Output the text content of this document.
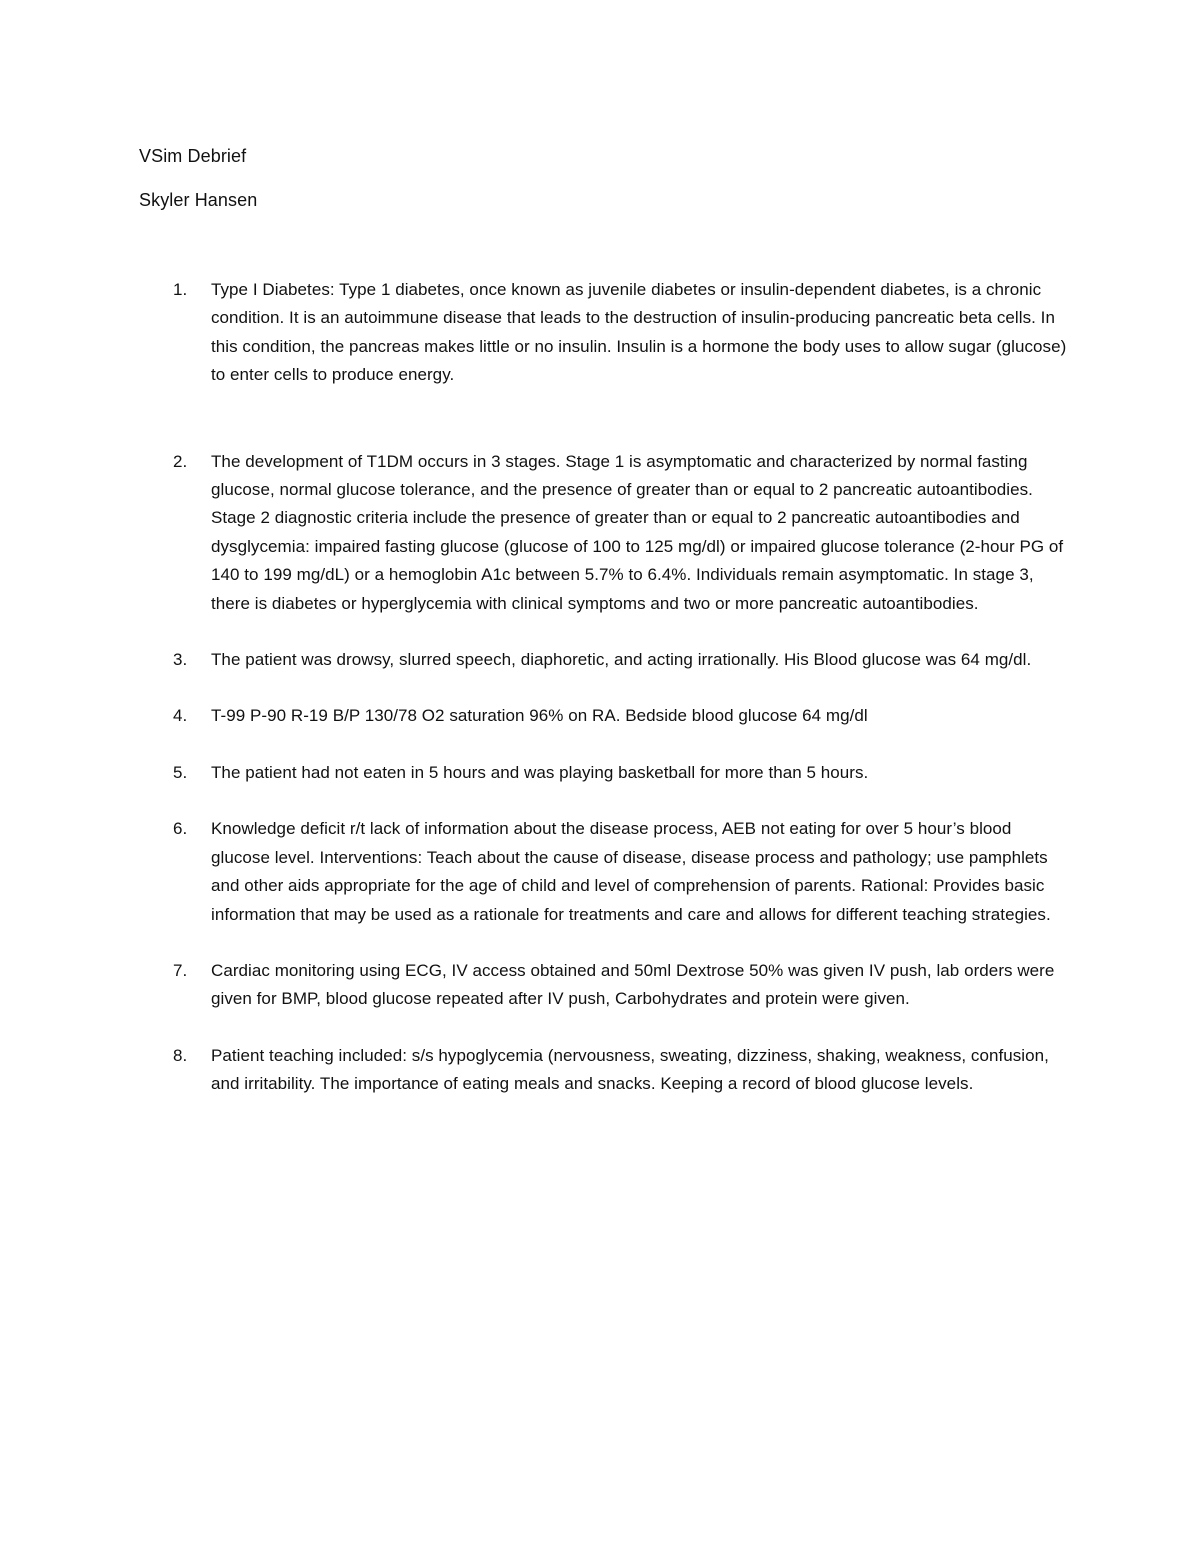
VSim Debrief
Skyler Hansen
1. Type I Diabetes: Type 1 diabetes, once known as juvenile diabetes or insulin-dependent diabetes, is a chronic condition. It is an autoimmune disease that leads to the destruction of insulin-producing pancreatic beta cells. In this condition, the pancreas makes little or no insulin. Insulin is a hormone the body uses to allow sugar (glucose) to enter cells to produce energy.
2. The development of T1DM occurs in 3 stages. Stage 1 is asymptomatic and characterized by normal fasting glucose, normal glucose tolerance, and the presence of greater than or equal to 2 pancreatic autoantibodies. Stage 2 diagnostic criteria include the presence of greater than or equal to 2 pancreatic autoantibodies and dysglycemia: impaired fasting glucose (glucose of 100 to 125 mg/dl) or impaired glucose tolerance (2-hour PG of 140 to 199 mg/dL) or a hemoglobin A1c between 5.7% to 6.4%. Individuals remain asymptomatic. In stage 3, there is diabetes or hyperglycemia with clinical symptoms and two or more pancreatic autoantibodies.
3. The patient was drowsy, slurred speech, diaphoretic, and acting irrationally. His Blood glucose was 64 mg/dl.
4. T-99 P-90 R-19 B/P 130/78 O2 saturation 96% on RA. Bedside blood glucose 64 mg/dl
5. The patient had not eaten in 5 hours and was playing basketball for more than 5 hours.
6. Knowledge deficit r/t lack of information about the disease process, AEB not eating for over 5 hour’s blood glucose level. Interventions: Teach about the cause of disease, disease process and pathology; use pamphlets and other aids appropriate for the age of child and level of comprehension of parents. Rational: Provides basic information that may be used as a rationale for treatments and care and allows for different teaching strategies.
7. Cardiac monitoring using ECG, IV access obtained and 50ml Dextrose 50% was given IV push, lab orders were given for BMP, blood glucose repeated after IV push, Carbohydrates and protein were given.
8. Patient teaching included: s/s hypoglycemia (nervousness, sweating, dizziness, shaking, weakness, confusion, and irritability. The importance of eating meals and snacks. Keeping a record of blood glucose levels.
